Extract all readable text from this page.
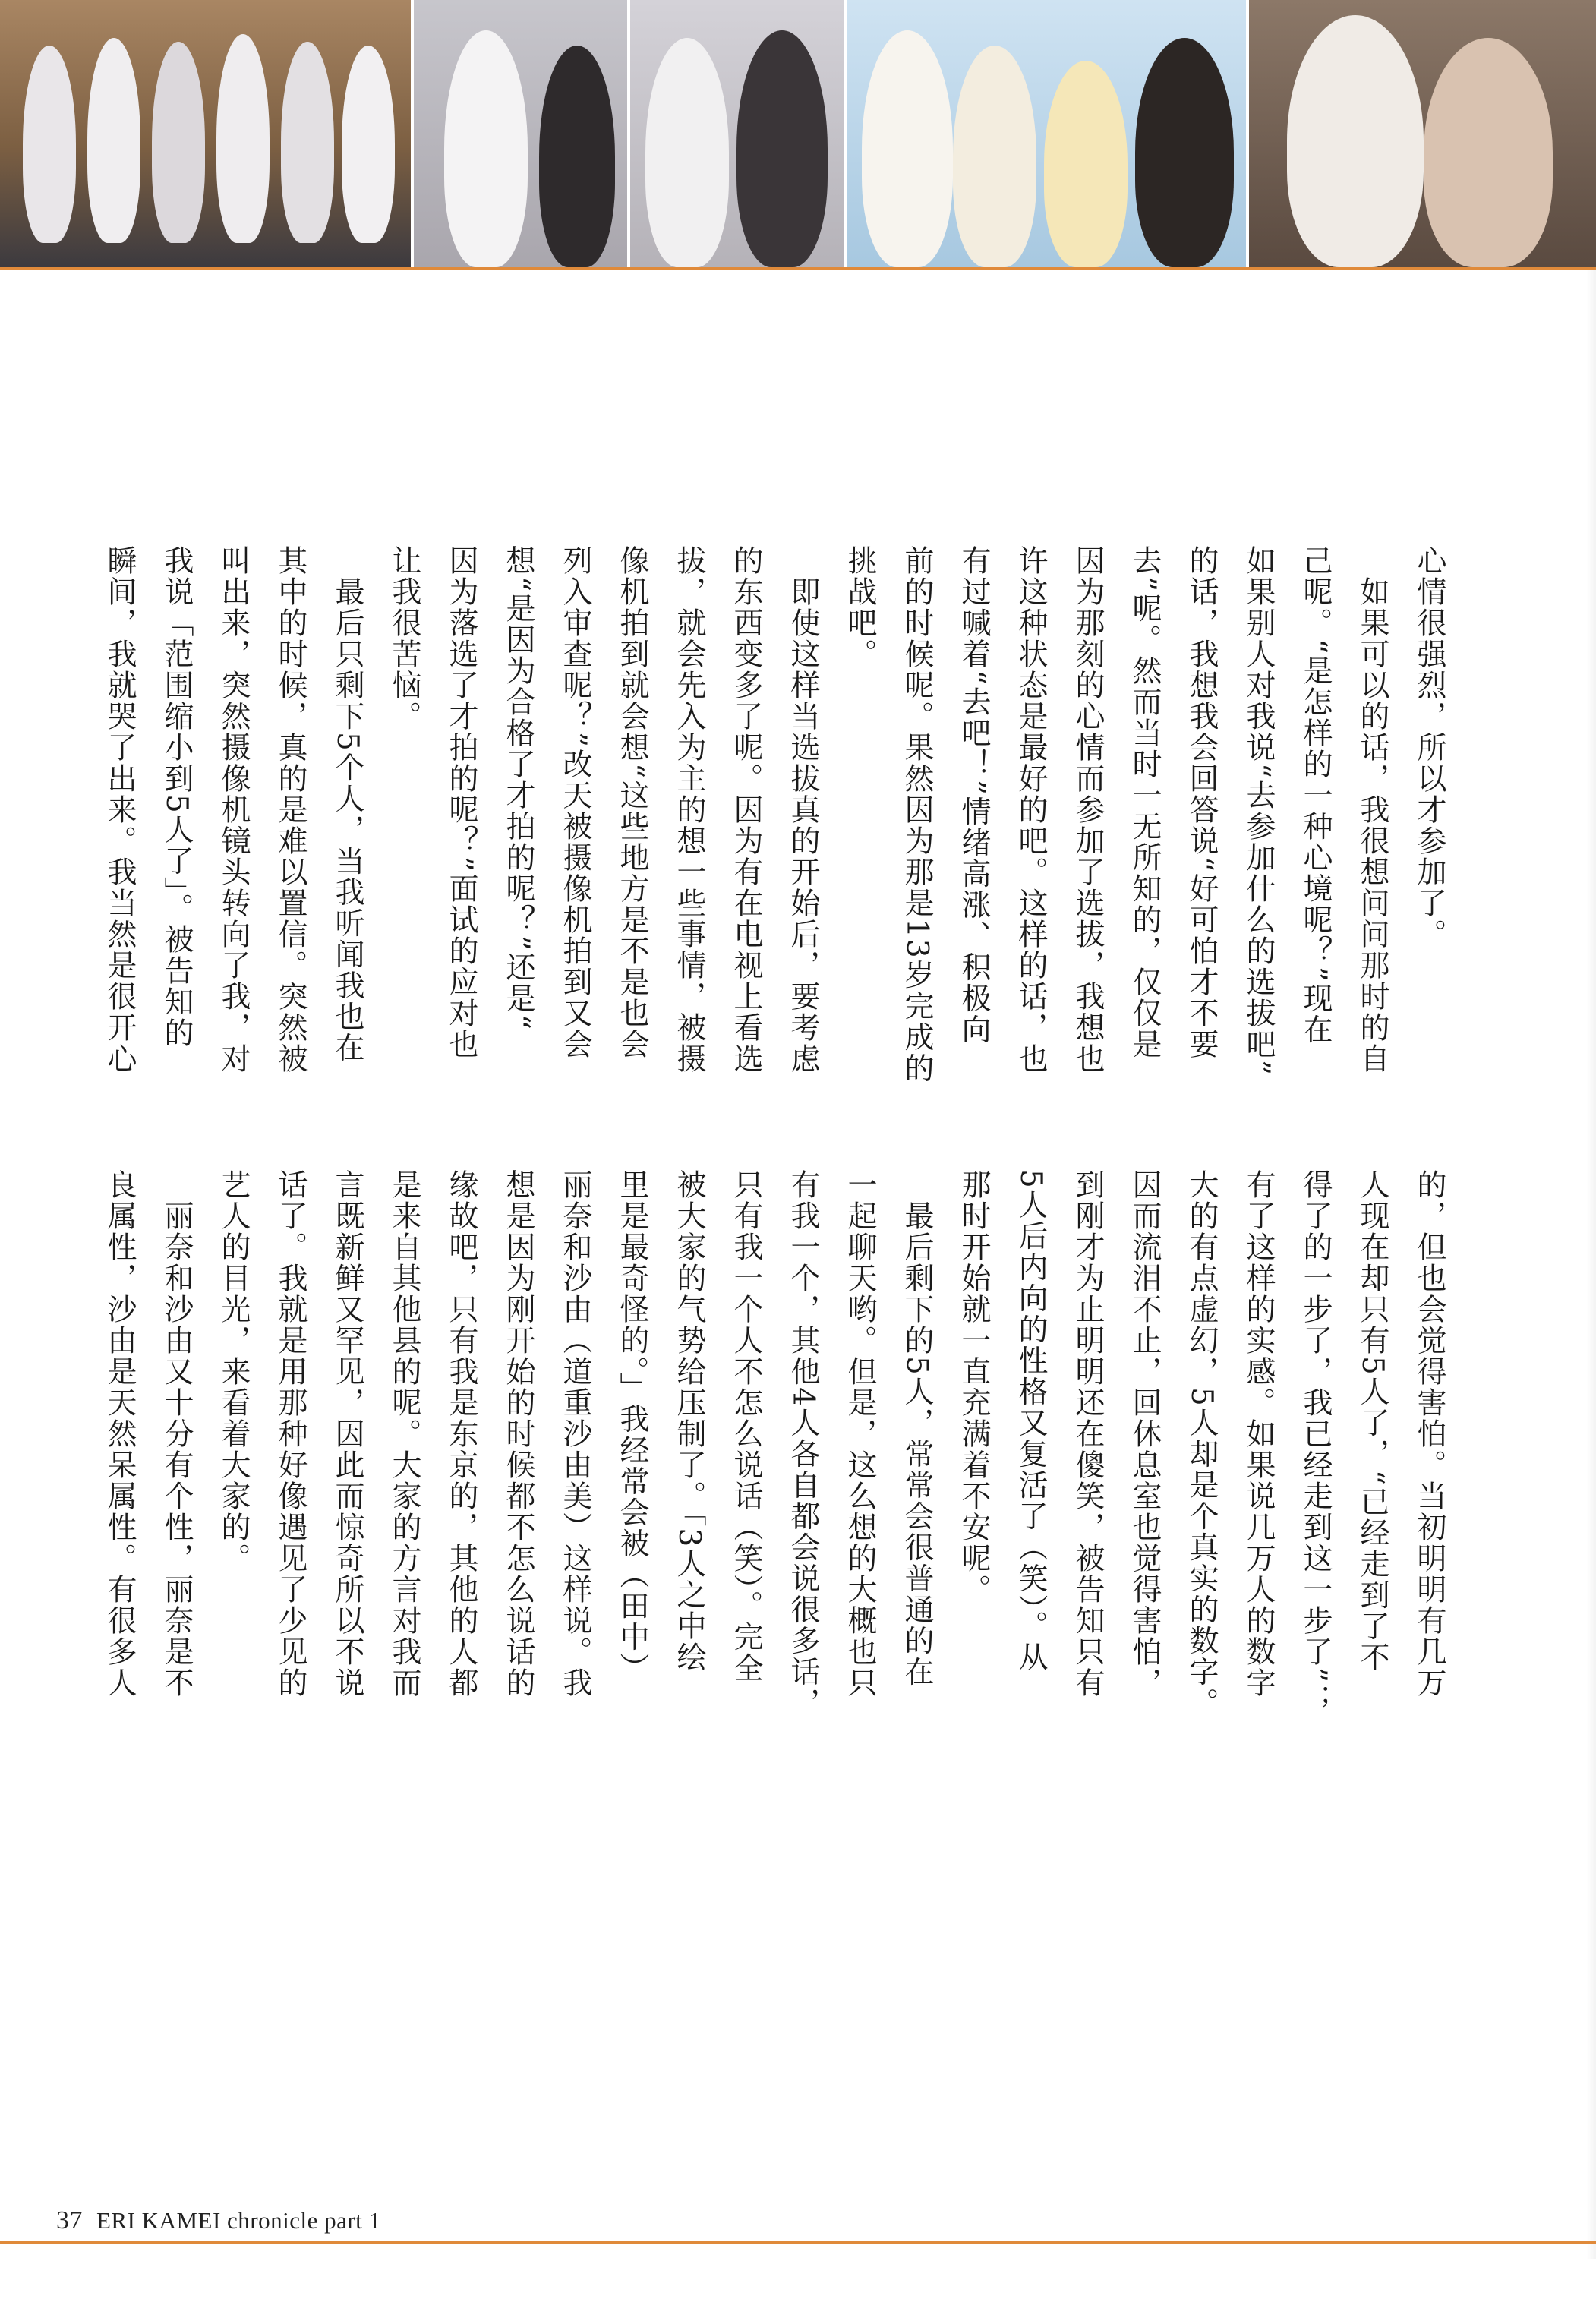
心情很强烈，所以才参加了。
　如果可以的话，我很想问问那时的自
己呢。“是怎样的一种心境呢？”现在
如果别人对我说“去参加什么的选拔吧”
的话，我想我会回答说“好可怕才不要
去”呢。然而当时一无所知的，仅仅是
因为那刻的心情而参加了选拔，我想也
许这种状态是最好的吧。这样的话，也
有过喊着“去吧！”情绪高涨、积极向
前的时候呢。果然因为那是13岁完成的
挑战吧。
　即使这样当选拔真的开始后，要考虑
的东西变多了呢。因为有在电视上看选
拔，就会先入为主的想一些事情，被摄
像机拍到就会想“这些地方是不是也会
列入审查呢？”改天被摄像机拍到又会
想“是因为合格了才拍的呢？”还是“
因为落选了才拍的呢？”面试的应对也
让我很苦恼。
　最后只剩下5个人，当我听闻我也在
其中的时候，真的是难以置信。突然被
叫出来，突然摄像机镜头转向了我，对
我说「范围缩小到5人了」。被告知的
瞬间，我就哭了出来。我当然是很开心
的，但也会觉得害怕。当初明明有几万
人现在却只有5人了，“已经走到了不
得了的一步了，我已经走到这一步了”；
有了这样的实感。如果说几万人的数字
大的有点虚幻，5人却是个真实的数字。
因而流泪不止，回休息室也觉得害怕，
到刚才为止明明还在傻笑，被告知只有
5人后内向的性格又复活了（笑）。从
那时开始就一直充满着不安呢。
　最后剩下的5人，常常会很普通的在
一起聊天哟。但是，这么想的大概也只
有我一个，其他4人各自都会说很多话，
只有我一个人不怎么说话（笑）。完全
被大家的气势给压制了。「3人之中绘
里是最奇怪的。」我经常会被（田中）
丽奈和沙由（道重沙由美）这样说。我
想是因为刚开始的时候都不怎么说话的
缘故吧，只有我是东京的，其他的人都
是来自其他县的呢。大家的方言对我而
言既新鲜又罕见，因此而惊奇所以不说
话了。我就是用那种好像遇见了少见的
艺人的目光，来看着大家的。
　丽奈和沙由又十分有个性，丽奈是不
良属性，沙由是天然呆属性。有很多人
37 ERI KAMEI chronicle part 1
